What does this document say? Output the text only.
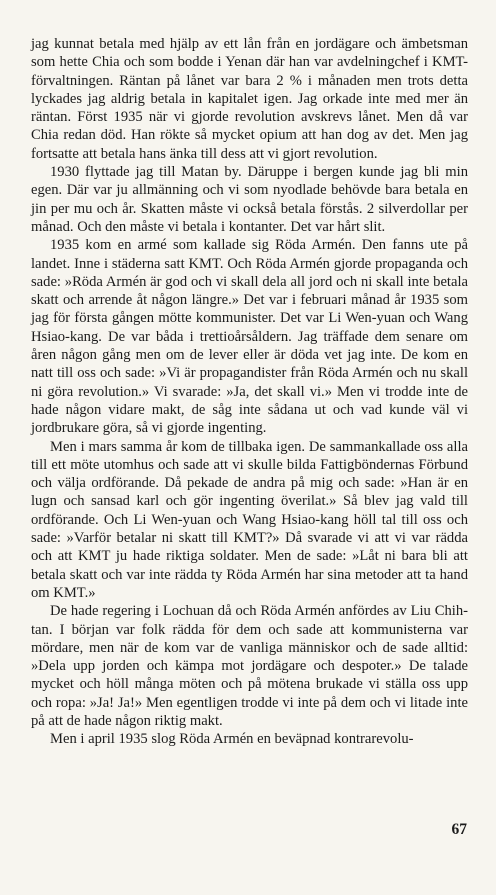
jag kunnat betala med hjälp av ett lån från en jordägare och ämbetsman som hette Chia och som bodde i Yenan där han var avdelningchef i KMT-förvaltningen. Räntan på lånet var bara 2 % i månaden men trots detta lyckades jag aldrig betala in kapitalet igen. Jag orkade inte med mer än räntan. Först 1935 när vi gjorde revolution avskrevs lånet. Men då var Chia redan död. Han rökte så mycket opium att han dog av det. Men jag fortsatte att betala hans änka till dess att vi gjort revolution.

1930 flyttade jag till Matan by. Däruppe i bergen kunde jag bli min egen. Där var ju allmänning och vi som nyodlade behövde bara betala en jin per mu och år. Skatten måste vi också betala förstås. 2 silverdollar per månad. Och den måste vi betala i kontanter. Det var hårt slit.

1935 kom en armé som kallade sig Röda Armén. Den fanns ute på landet. Inne i städerna satt KMT. Och Röda Armén gjorde propaganda och sade: »Röda Armén är god och vi skall dela all jord och ni skall inte betala skatt och arrende åt någon längre.» Det var i februari månad år 1935 som jag för första gången mötte kommunister. Det var Li Wen-yuan och Wang Hsiao-kang. De var båda i trettioårsåldern. Jag träffade dem senare om åren någon gång men om de lever eller är döda vet jag inte. De kom en natt till oss och sade: »Vi är propagandister från Röda Armén och nu skall ni göra revolution.» Vi svarade: »Ja, det skall vi.» Men vi trodde inte de hade någon vidare makt, de såg inte sådana ut och vad kunde väl vi jordbrukare göra, så vi gjorde ingenting.

Men i mars samma år kom de tillbaka igen. De sammankallade oss alla till ett möte utomhus och sade att vi skulle bilda Fattigböndernas Förbund och välja ordförande. Då pekade de andra på mig och sade: »Han är en lugn och sansad karl och gör ingenting överilat.» Så blev jag vald till ordförande. Och Li Wen-yuan och Wang Hsiao-kang höll tal till oss och sade: »Varför betalar ni skatt till KMT?» Då svarade vi att vi var rädda och att KMT ju hade riktiga soldater. Men de sade: »Låt ni bara bli att betala skatt och var inte rädda ty Röda Armén har sina metoder att ta hand om KMT.»

De hade regering i Lochuan då och Röda Armén anfördes av Liu Chih-tan. I början var folk rädda för dem och sade att kommunisterna var mördare, men när de kom var de vanliga människor och de sade alltid: »Dela upp jorden och kämpa mot jordägare och despoter.» De talade mycket och höll många möten och på mötena brukade vi ställa oss upp och ropa: »Ja! Ja!» Men egentligen trodde vi inte på dem och vi litade inte på att de hade någon riktig makt.

Men i april 1935 slog Röda Armén en beväpnad kontrarevolu-

67
